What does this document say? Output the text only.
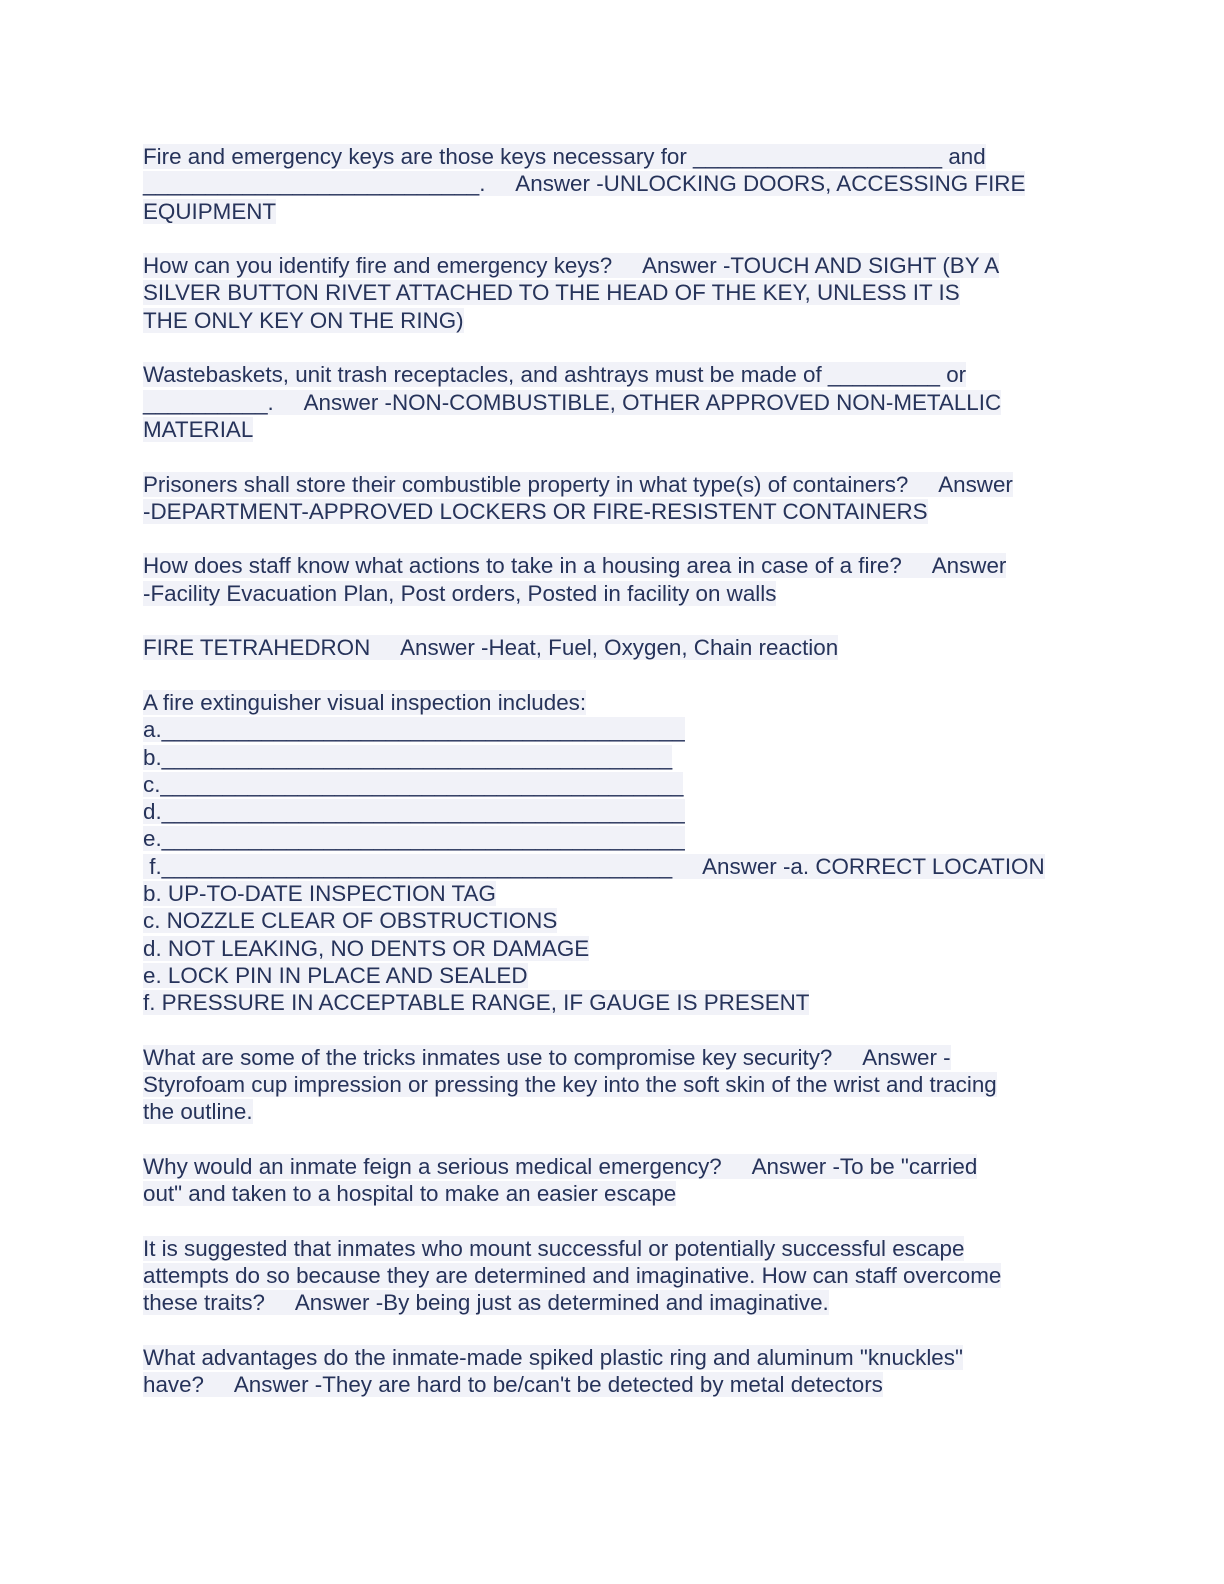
Fire and emergency keys are those keys necessary for ____________________ and
___________________________.     Answer -UNLOCKING DOORS, ACCESSING FIRE
EQUIPMENT
How can you identify fire and emergency keys?     Answer -TOUCH AND SIGHT (BY A
SILVER BUTTON RIVET ATTACHED TO THE HEAD OF THE KEY, UNLESS IT IS
THE ONLY KEY ON THE RING)
Wastebaskets, unit trash receptacles, and ashtrays must be made of _________ or
__________.     Answer -NON-COMBUSTIBLE, OTHER APPROVED NON-METALLIC
MATERIAL
Prisoners shall store their combustible property in what type(s) of containers?     Answer
-DEPARTMENT-APPROVED LOCKERS OR FIRE-RESISTENT CONTAINERS
How does staff know what actions to take in a housing area in case of a fire?     Answer
-Facility Evacuation Plan, Post orders, Posted in facility on walls
FIRE TETRAHEDRON     Answer -Heat, Fuel, Oxygen, Chain reaction
A fire extinguisher visual inspection includes:
a.__________________________________________
b._________________________________________
c.__________________________________________
d.__________________________________________
e.__________________________________________
f._________________________________________     Answer -a. CORRECT LOCATION
b. UP-TO-DATE INSPECTION TAG
c. NOZZLE CLEAR OF OBSTRUCTIONS
d. NOT LEAKING, NO DENTS OR DAMAGE
e. LOCK PIN IN PLACE AND SEALED
f. PRESSURE IN ACCEPTABLE RANGE, IF GAUGE IS PRESENT
What are some of the tricks inmates use to compromise key security?     Answer -
Styrofoam cup impression or pressing the key into the soft skin of the wrist and tracing
the outline.
Why would an inmate feign a serious medical emergency?     Answer -To be "carried
out" and taken to a hospital to make an easier escape
It is suggested that inmates who mount successful or potentially successful escape
attempts do so because they are determined and imaginative. How can staff overcome
these traits?     Answer -By being just as determined and imaginative.
What advantages do the inmate-made spiked plastic ring and aluminum "knuckles"
have?     Answer -They are hard to be/can't be detected by metal detectors
